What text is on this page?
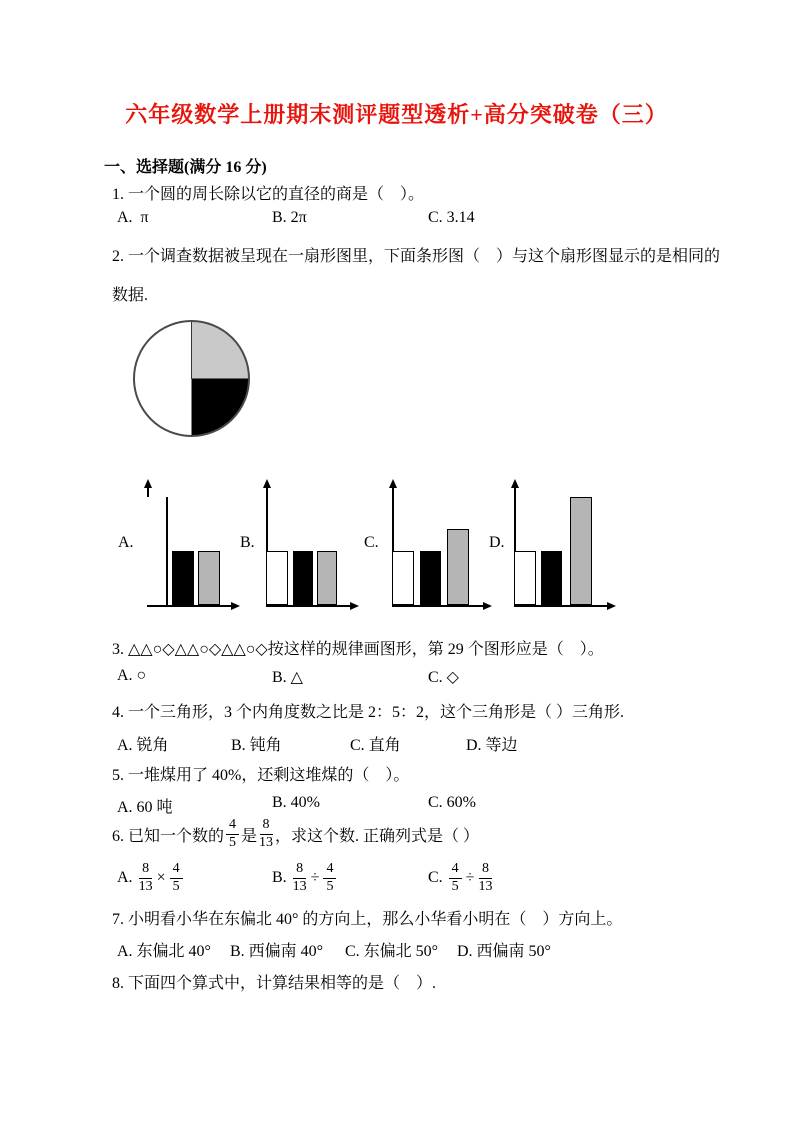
六年级数学上册期末测评题型透析+高分突破卷（三）
一、选择题(满分 16 分)
1. 一个圆的周长除以它的直径的商是（    ）。
A.  π	B. 2π	C. 3.14
2. 一个调查数据被呈现在一扇形图里，下面条形图（    ）与这个扇形图显示的是相同的
数据.
A.	B.	C.	D.
3. △△○◇△△○◇△△○◇按这样的规律画图形，第 29 个图形应是（    ）。
A. ○	B. △	C. ◇
4. 一个三角形，3 个内角度数之比是 2：5：2，这个三角形是（ ）三角形.
A. 锐角	B. 钝角	C. 直角	D. 等边
5. 一堆煤用了 40%，还剩这堆煤的（    ）。
A. 60 吨	B. 40%	C. 60%
6. 已知一个数的 $\frac{4}{5}$ 是 $\frac{8}{13}$ ，求这个数. 正确列式是（ ）
A. $\frac{8}{13} \times \frac{4}{5}$	B. $\frac{8}{13} \div \frac{4}{5}$	C. $\frac{4}{5} \div \frac{8}{13}$
7. 小明看小华在东偏北 40° 的方向上，那么小华看小明在（    ）方向上。
A. 东偏北 40° B. 西偏南 40° C. 东偏北 50° D. 西偏南 50°
8. 下面四个算式中，计算结果相等的是（    ）.
